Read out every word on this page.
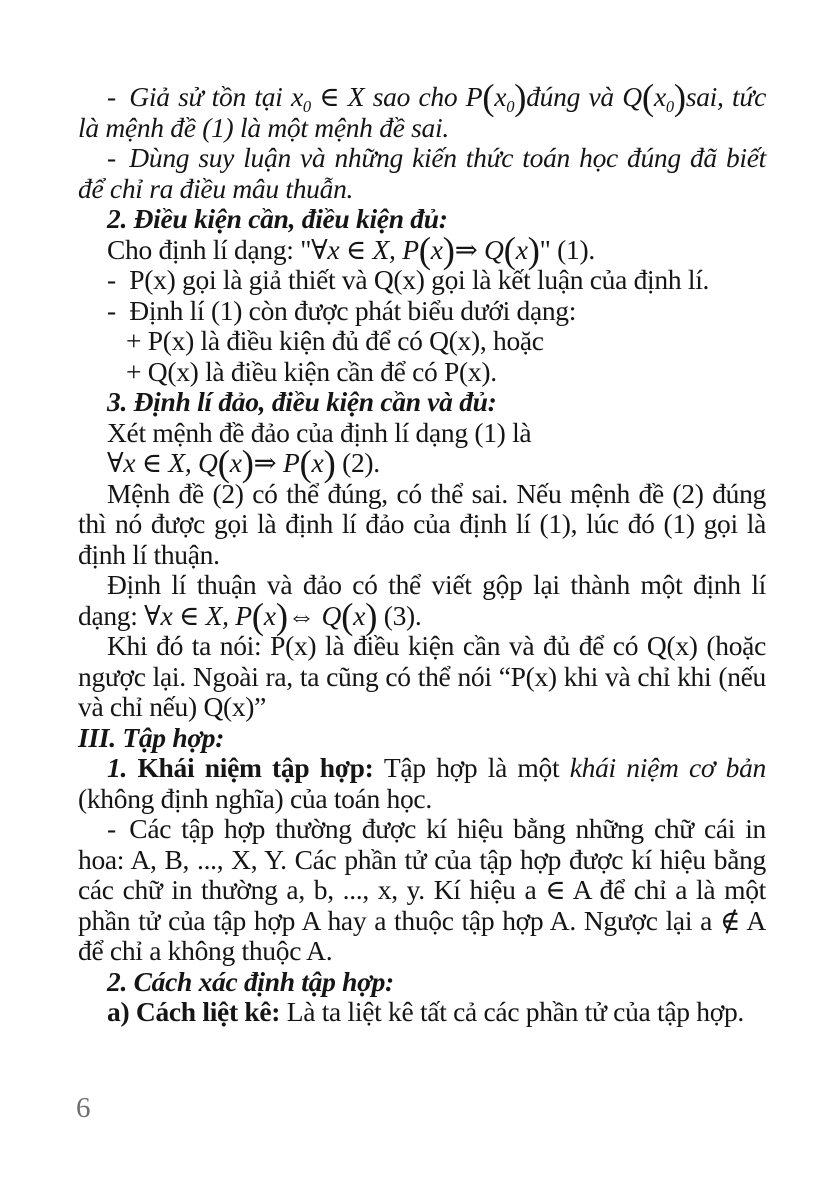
- Giả sử tồn tại $x_0$ ∈ X sao cho $P(x_0)đúng$ và $Q(x_0)sai$, tức là mệnh đề (1) là một mệnh đề sai.

- Dùng suy luận và những kiến thức toán học đúng đã biết để chỉ ra điều mâu thuẫn.

2. Điều kiện cần, điều kiện đủ:

Cho định lí dạng: "∀x ∈ X, P(x)⇒ Q(x)" (1).

- P(x) gọi là giả thiết và Q(x) gọi là kết luận của định lí.

- Định lí (1) còn được phát biểu dưới dạng:

+ P(x) là điều kiện đủ để có Q(x), hoặc

+ Q(x) là điều kiện cần để có P(x).

3. Định lí đảo, điều kiện cần và đủ:

Xét mệnh đề đảo của định lí dạng (1) là

∀x ∈ X, Q(x)⇒ P(x) (2).

Mệnh đề (2) có thể đúng, có thể sai. Nếu mệnh đề (2) đúng thì nó được gọi là định lí đảo của định lí (1), lúc đó (1) gọi là định lí thuận.

Định lí thuận và đảo có thể viết gộp lại thành một định lí dạng: ∀x ∈ X, P(x)⇔ Q(x) (3).

Khi đó ta nói: P(x) là điều kiện cần và đủ để có Q(x) (hoặc ngược lại. Ngoài ra, ta cũng có thể nói “P(x) khi và chỉ khi (nếu và chỉ nếu) Q(x)”

III. Tập hợp:

1. Khái niệm tập hợp: Tập hợp là một khái niệm cơ bản (không định nghĩa) của toán học.

- Các tập hợp thường được kí hiệu bằng những chữ cái in hoa: A, B, ..., X, Y. Các phần tử của tập hợp được kí hiệu bằng các chữ in thường a, b, ..., x, y. Kí hiệu a ∈ A để chỉ a là một phần tử của tập hợp A hay a thuộc tập hợp A. Ngược lại a ∉ A để chỉ a không thuộc A.

2. Cách xác định tập hợp:

a) Cách liệt kê: Là ta liệt kê tất cả các phần tử của tập hợp.

6
